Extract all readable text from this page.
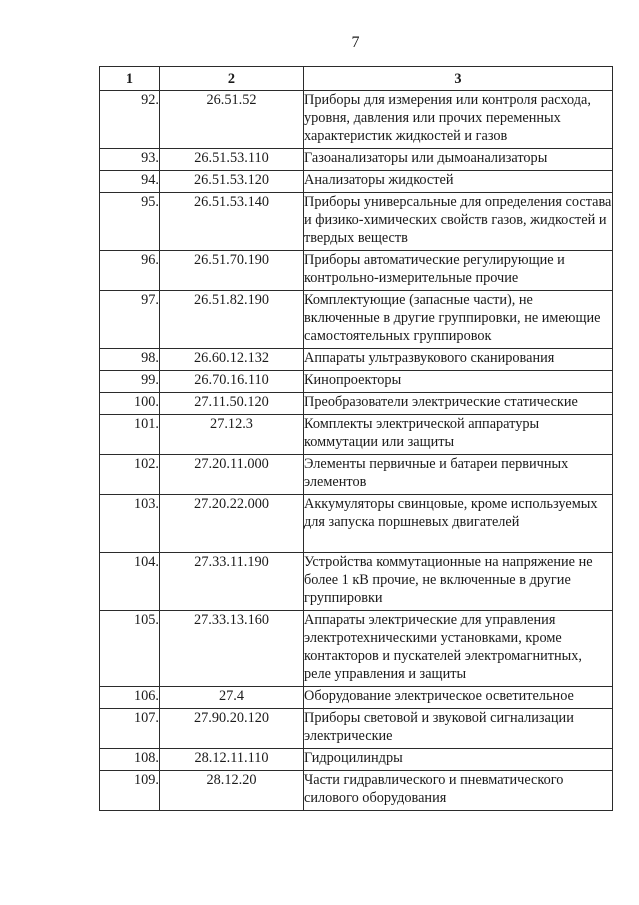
7
1	2	3
92.	26.51.52	Приборы для измерения или контроля расхода, уровня, давления или прочих переменных характеристик жидкостей и газов
93.	26.51.53.110	Газоанализаторы или дымоанализаторы
94.	26.51.53.120	Анализаторы жидкостей
95.	26.51.53.140	Приборы универсальные для определения состава и физико-химических свойств газов, жидкостей и твердых веществ
96.	26.51.70.190	Приборы автоматические регулирующие и контрольно-измерительные прочие
97.	26.51.82.190	Комплектующие (запасные части), не включенные в другие группировки, не имеющие самостоятельных группировок
98.	26.60.12.132	Аппараты ультразвукового сканирования
99.	26.70.16.110	Кинопроекторы
100.	27.11.50.120	Преобразователи электрические статические
101.	27.12.3	Комплекты электрической аппаратуры коммутации или защиты
102.	27.20.11.000	Элементы первичные и батареи первичных элементов
103.	27.20.22.000	Аккумуляторы свинцовые, кроме используемых для запуска поршневых двигателей
104.	27.33.11.190	Устройства коммутационные на напряжение не более 1 кВ прочие, не включенные в другие группировки
105.	27.33.13.160	Аппараты электрические для управления электротехническими установками, кроме контакторов и пускателей электромагнитных, реле управления и защиты
106.	27.4	Оборудование электрическое осветительное
107.	27.90.20.120	Приборы световой и звуковой сигнализации электрические
108.	28.12.11.110	Гидроцилиндры
109.	28.12.20	Части гидравлического и пневматического силового оборудования
